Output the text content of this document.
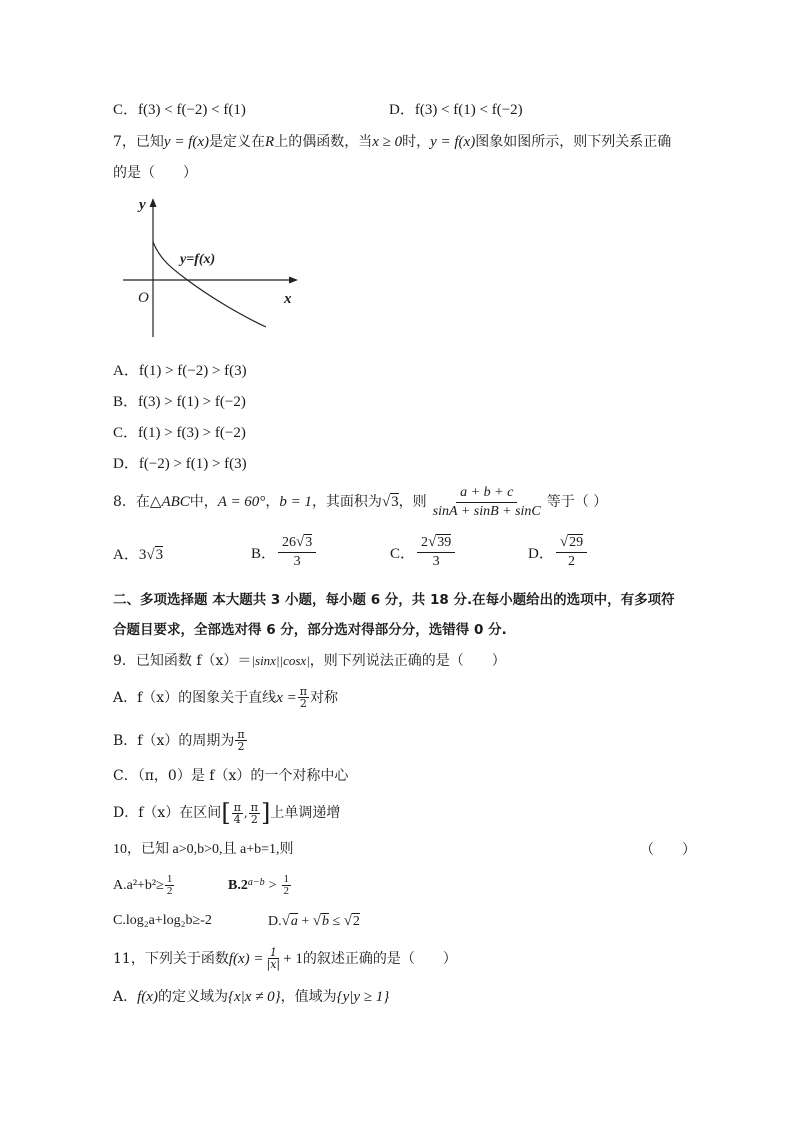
C．f(3) < f(−2) < f(1)	D．f(3) < f(1) < f(−2)
7，已知y = f(x)是定义在R上的偶函数，当x ≥ 0时，y = f(x)图象如图所示，则下列关系正确
的是（　　）
y
x
O
y=f(x)
A．f(1) > f(−2) > f(3)
B．f(3) > f(1) > f(−2)
C．f(1) > f(3) > f(−2)
D．f(−2) > f(1) > f(3)
8．在 △ABC 中， A = 60° ， b = 1 ，其面积为 √3 ，则 $\frac{a + b + c}{\sin A + \sin B + \sin C}$ 等于（ ）
A．3√3	B． $\frac{26√3}{3}$	C． $\frac{2√39}{3}$	D． $\frac{√29}{2}$
二、多项选择题 本大题共 3 小题，每小题 6 分，共 18 分.在每小题给出的选项中，有多项符
合题目要求，全部选对得 6 分，部分选对得部分分，选错得 0 分.
9．已知函数 f（x）＝|sinx||cosx|，则下列说法正确的是（　　）
A．f（x）的图象关于直线 $x = \frac{\pi}{2}$ 对称
B．f（x）的周期为 $\frac{\pi}{2}$
C．（π，0）是 f（x）的一个对称中心
D．f（x）在区间 [ $\frac{\pi}{4}$ , $\frac{\pi}{2}$ ] 上单调递增
10，已知 a>0,b>0,且 a+b=1,则	（　　）
$A.a^2+b^2\ge \frac{1}{2}$	B.2 $a-b > \frac{1}{2}$
C.log₂a+log₂b≥-2	D.√a + √b ≤ √2
11，下列关于函数 $f(x) = \frac{1}{|x|} + 1$ 的叙述正确的是（　　）
A．f(x)的定义域为{x|x ≠ 0}，值域为{y|y ≥ 1}
